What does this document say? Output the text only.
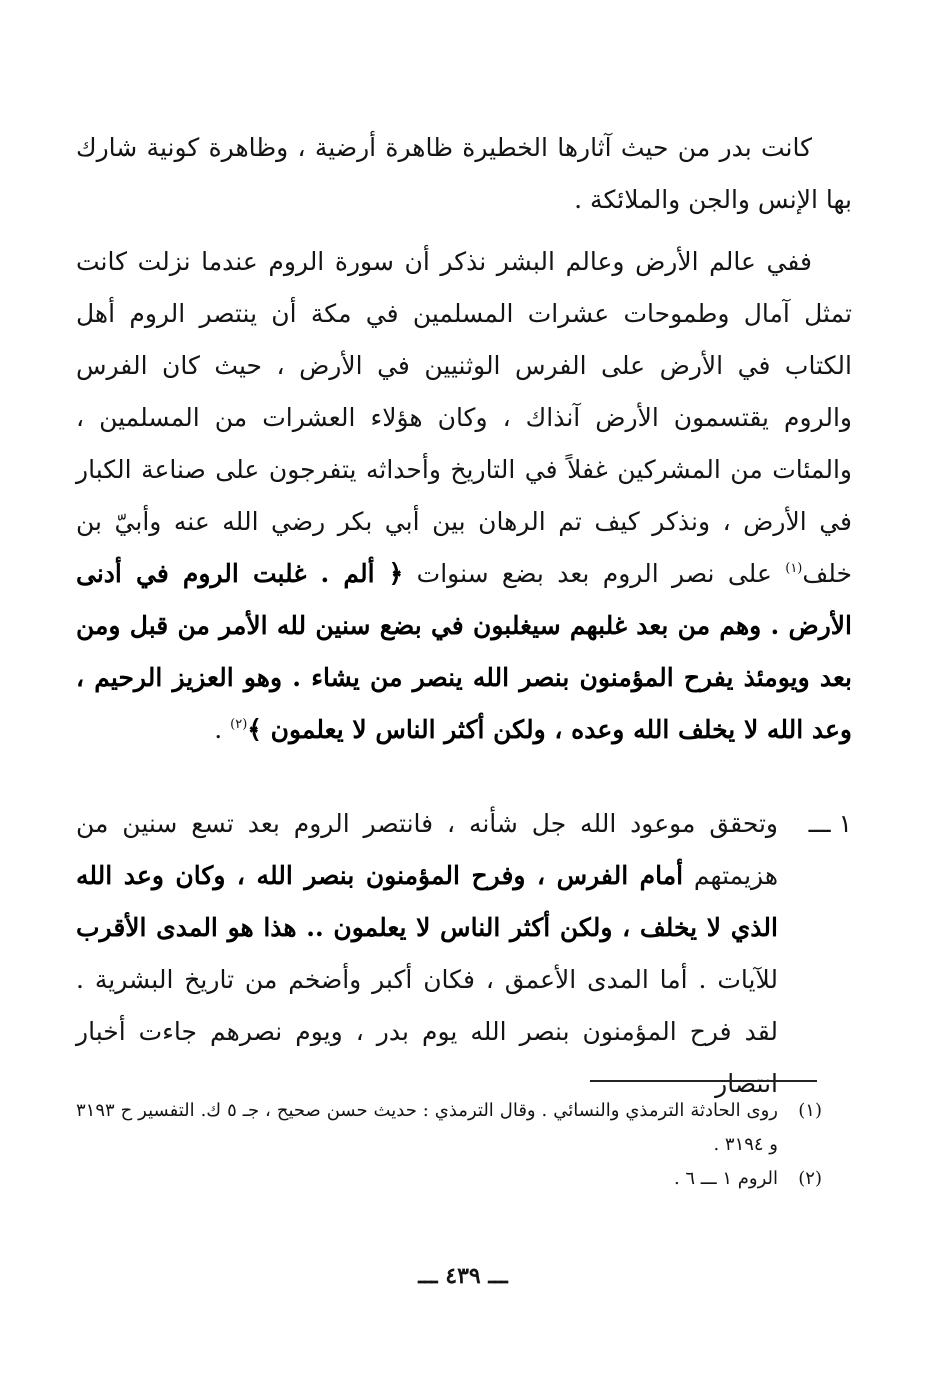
كانت بدر من حيث آثارها الخطيرة ظاهرة أرضية ، وظاهرة كونية شارك بها الإنس والجن والملائكة .

ففي عالم الأرض وعالم البشر نذكر أن سورة الروم عندما نزلت كانت تمثل آمال وطموحات عشرات المسلمين في مكة أن ينتصر الروم أهل الكتاب في الأرض على الفرس الوثنيين في الأرض ، حيث كان الفرس والروم يقتسمون الأرض آنذاك ، وكان هؤلاء العشرات من المسلمين ، والمئات من المشركين غفلاً في التاريخ وأحداثه يتفرجون على صناعة الكبار في الأرض ، ونذكر كيف تم الرهان بين أبي بكر رضي الله عنه وأبيّ بن خلف$^{(١)}$ على نصر الروم بعد بضع سنوات ﴿ ألم . غلبت الروم في أدنى الأرض . وهم من بعد غلبهم سيغلبون في بضع سنين لله الأمر من قبل ومن بعد ويومئذ يفرح المؤمنون بنصر الله ينصر من يشاء . وهو العزيز الرحيم ، وعد الله لا يخلف الله وعده ، ولكن أكثر الناس لا يعلمون ﴾$^{(٢)}$ .

١ ـــ
وتحقق موعود الله جل شأنه ، فانتصر الروم بعد تسع سنين من هزيمتهم أمام الفرس ، وفرح المؤمنون بنصر الله ، وكان وعد الله الذي لا يخلف ، ولكن أكثر الناس لا يعلمون .. هذا هو المدى الأقرب للآيات . أما المدى الأعمق ، فكان أكبر وأضخم من تاريخ البشرية . لقد فرح المؤمنون بنصر الله يوم بدر ، ويوم نصرهم جاءت أخبار انتصار
(١)
روى الحادثة الترمذي والنسائي . وقال الترمذي : حديث حسن صحيح ، جـ ٥ ك. التفسير ح ٣١٩٣ و ٣١٩٤ .
(٢)
الروم ١ ـــ ٦ .
ـــ ٤٣٩ ـــ
